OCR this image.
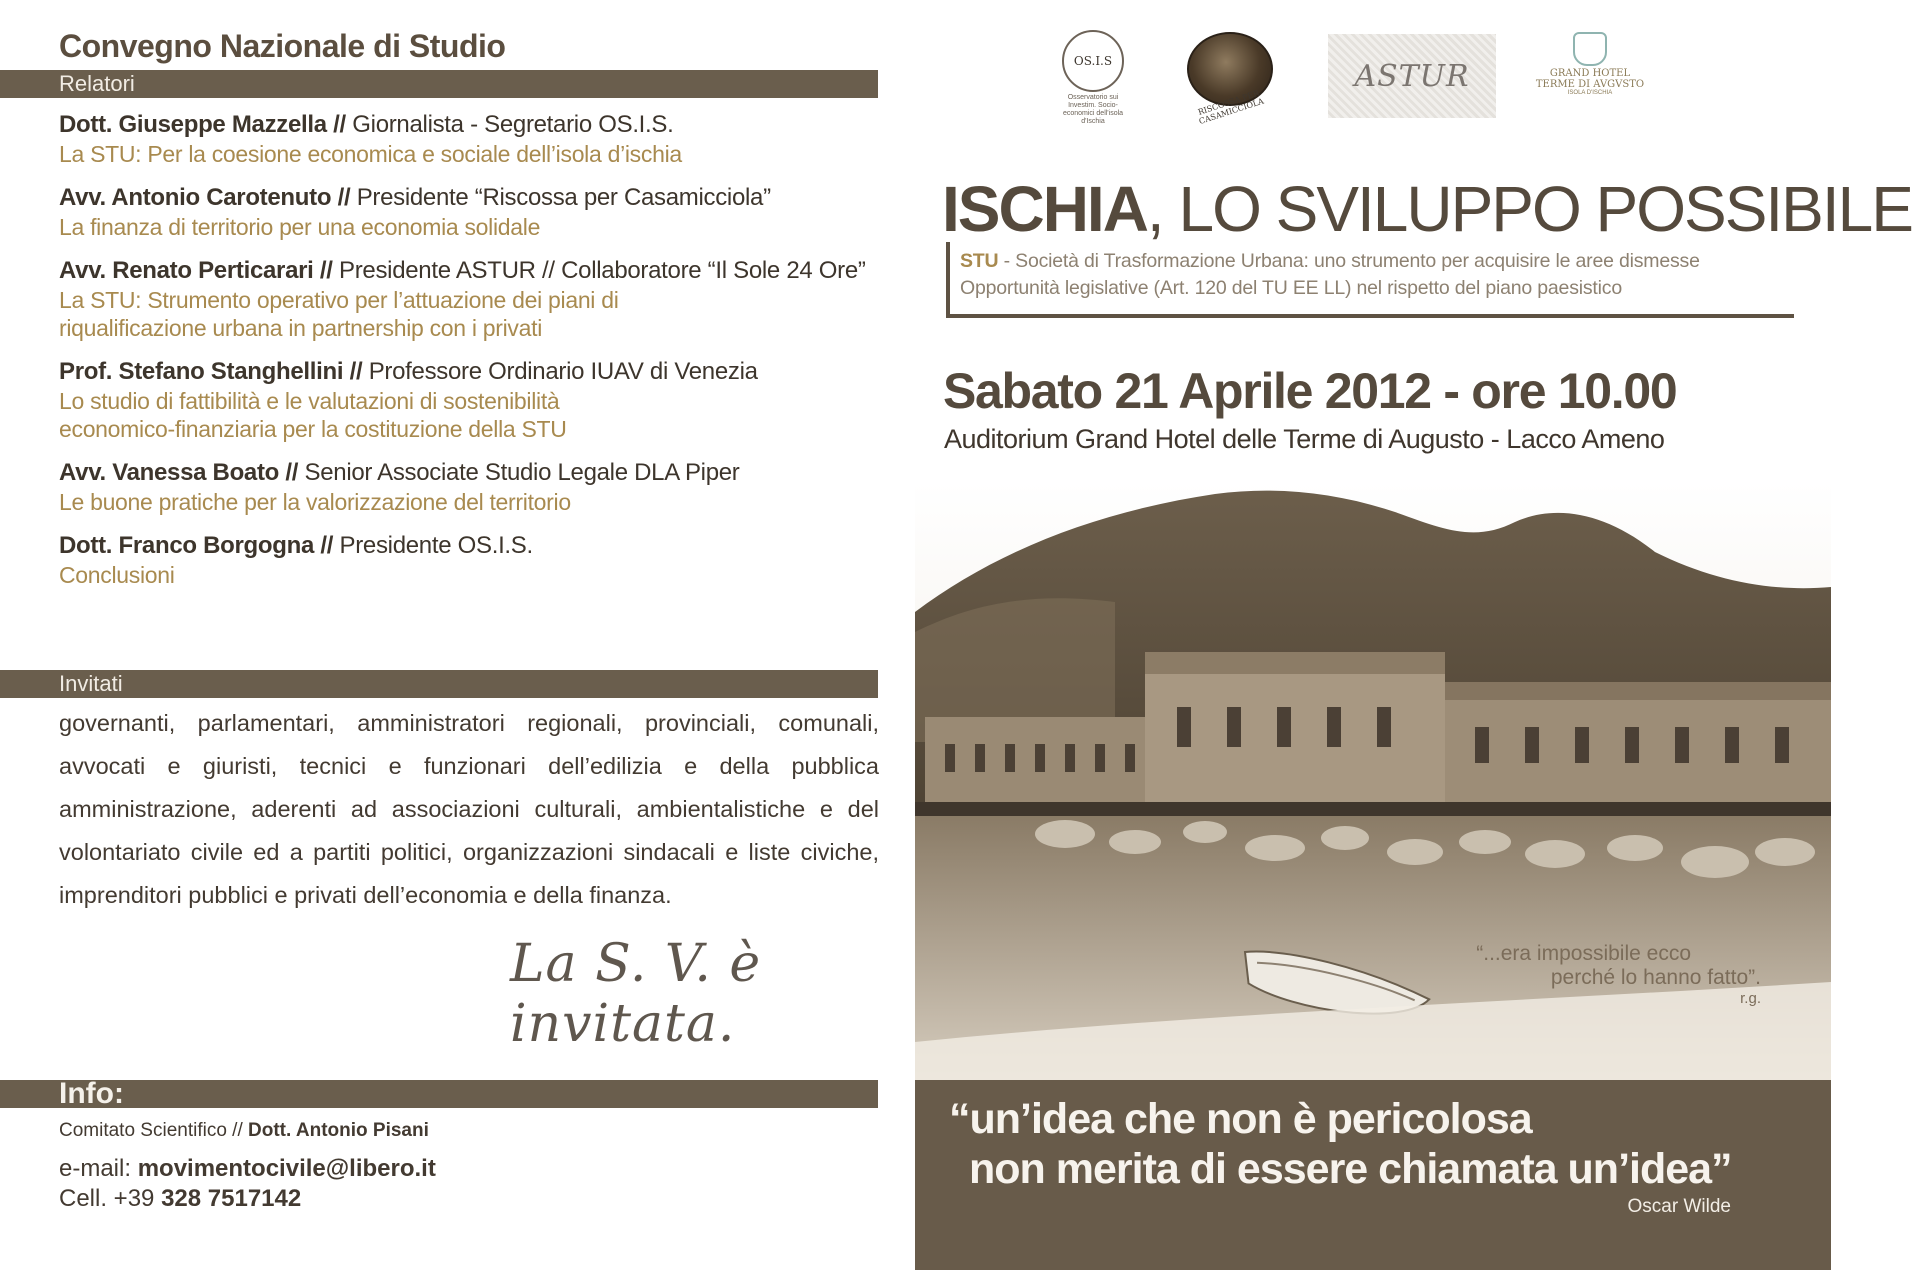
Convegno Nazionale di Studio
Relatori
Dott. Giuseppe Mazzella // Giornalista - Segretario OS.I.S.
La STU: Per la coesione economica e sociale dell’isola d’ischia
Avv. Antonio Carotenuto // Presidente “Riscossa per Casamicciola”
La finanza di territorio per una economia solidale
Avv. Renato Perticarari // Presidente ASTUR // Collaboratore “Il Sole 24 Ore”
La STU: Strumento operativo per l’attuazione dei piani di
riqualificazione urbana in partnership con i privati
Prof. Stefano Stanghellini // Professore Ordinario IUAV di Venezia
Lo studio di fattibilità e le valutazioni di sostenibilità
economico-finanziaria per la costituzione della STU
Avv. Vanessa Boato // Senior Associate Studio Legale DLA Piper
Le buone pratiche per la valorizzazione del territorio
Dott. Franco Borgogna // Presidente OS.I.S.
Conclusioni
Invitati
governanti, parlamentari, amministratori regionali, provinciali, comunali, avvocati e giuristi, tecnici e funzionari dell’edilizia e della pubblica amministrazione, aderenti ad associazioni culturali, ambientalistiche e del volontariato civile ed a partiti politici, organizzazioni sindacali e liste civiche, imprenditori pubblici e privati dell’economia e della finanza.
La S. V. è invitata.
Info:
Comitato Scientifico // Dott. Antonio Pisani
e-mail: movimentocivile@libero.it
Cell. +39 328 7517142
OS.I.S
Osservatorio sui Investim. Socio-economici dell'isola d'Ischia
RISCOSSA PER CASAMICCIOLA
ASTUR	GRAND HOTEL
TERME DI AVGVSTO
ISOLA D'ISCHIA
ISCHIA, LO SVILUPPO POSSIBILE
STU - Società di Trasformazione Urbana: uno strumento per acquisire le aree dismesse
Opportunità legislative (Art. 120 del TU EE LL) nel rispetto del piano paesistico
Sabato 21 Aprile 2012 - ore 10.00
Auditorium Grand Hotel delle Terme di Augusto - Lacco Ameno
“...era impossibile ecco
perché lo hanno fatto”.
r.g.
“un’idea che non è pericolosa
non merita di essere chiamata un’idea”
Oscar Wilde
